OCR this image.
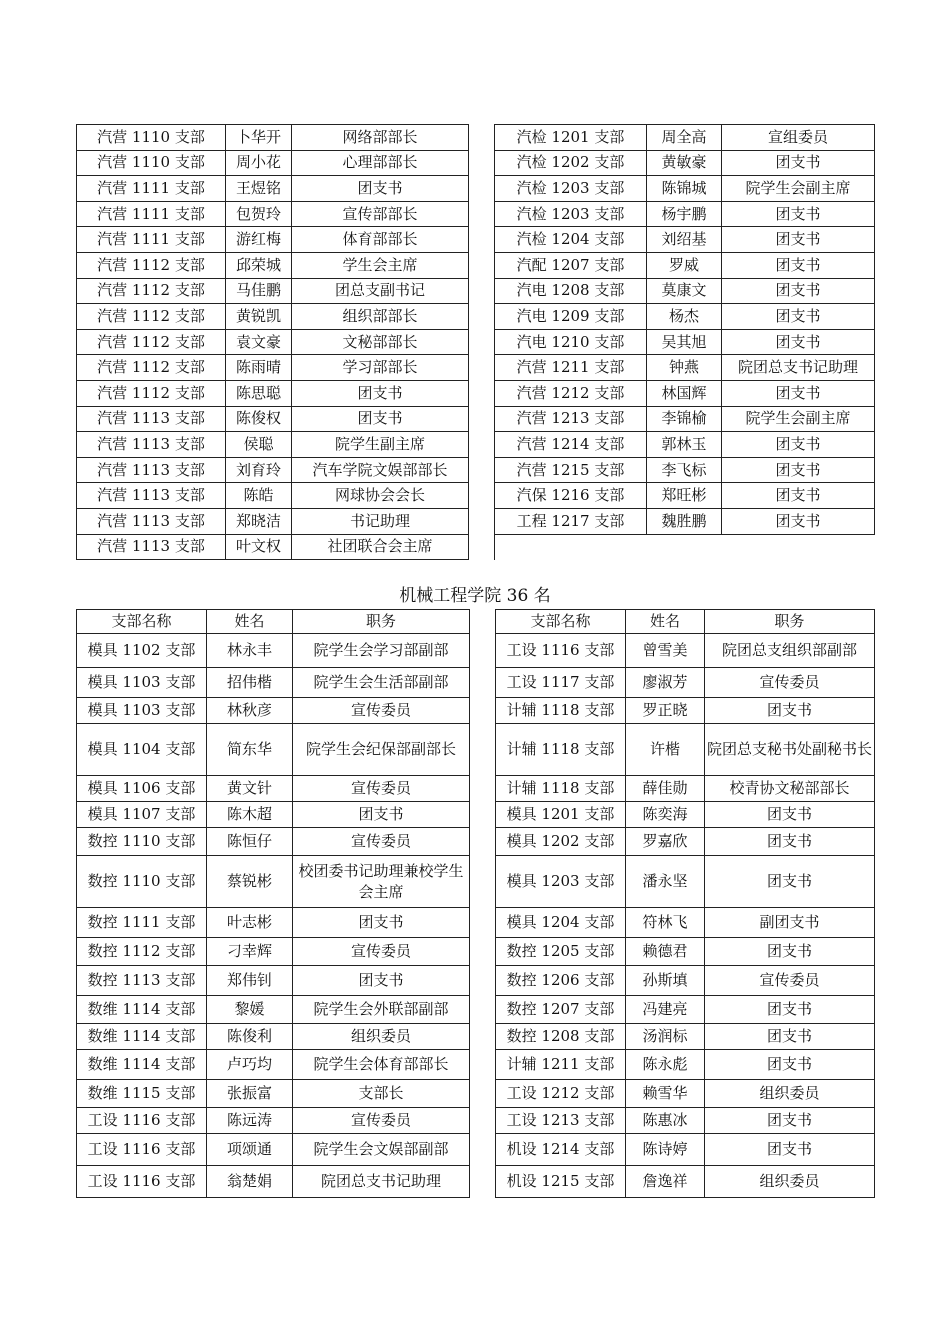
汽营 1110 支部	卜华开	网络部部长		汽检 1201 支部	周全高	宣组委员
汽营 1110 支部	周小花	心理部部长		汽检 1202 支部	黄敏豪	团支书
汽营 1111 支部	王煜铭	团支书		汽检 1203 支部	陈锦城	院学生会副主席
汽营 1111 支部	包贺玲	宣传部部长		汽检 1203 支部	杨宇鹏	团支书
汽营 1111 支部	游红梅	体育部部长		汽检 1204 支部	刘绍基	团支书
汽营 1112 支部	邱荣城	学生会主席		汽配 1207 支部	罗威	团支书
汽营 1112 支部	马佳鹏	团总支副书记		汽电 1208 支部	莫康文	团支书
汽营 1112 支部	黄锐凯	组织部部长		汽电 1209 支部	杨杰	团支书
汽营 1112 支部	袁文豪	文秘部部长		汽电 1210 支部	吴其旭	团支书
汽营 1112 支部	陈雨晴	学习部部长		汽营 1211 支部	钟燕	院团总支书记助理
汽营 1112 支部	陈思聪	团支书		汽营 1212 支部	林国辉	团支书
汽营 1113 支部	陈俊权	团支书		汽营 1213 支部	李锦榆	院学生会副主席
汽营 1113 支部	侯聪	院学生副主席		汽营 1214 支部	郭林玉	团支书
汽营 1113 支部	刘育玲	汽车学院文娱部部长		汽营 1215 支部	李飞标	团支书
汽营 1113 支部	陈皓	网球协会会长		汽保 1216 支部	郑旺彬	团支书
汽营 1113 支部	郑晓洁	书记助理		工程 1217 支部	魏胜鹏	团支书
汽营 1113 支部	叶文权	社团联合会主席				
机械工程学院 36 名
支部名称	姓名	职务		支部名称	姓名	职务
模具 1102 支部	林永丰	院学生会学习部副部		工设 1116 支部	曾雪美	院团总支组织部副部
模具 1103 支部	招伟楷	院学生会生活部副部		工设 1117 支部	廖淑芳	宣传委员
模具 1103 支部	林秋彦	宣传委员		计辅 1118 支部	罗正晓	团支书
模具 1104 支部	简东华	院学生会纪保部副部长		计辅 1118 支部	许楷	院团总支秘书处副秘书长
模具 1106 支部	黄文针	宣传委员		计辅 1118 支部	薛佳勋	校青协文秘部部长
模具 1107 支部	陈木超	团支书		模具 1201 支部	陈奕海	团支书
数控 1110 支部	陈恒仔	宣传委员		模具 1202 支部	罗嘉欣	团支书
数控 1110 支部	蔡锐彬	校团委书记助理兼校学生会主席		模具 1203 支部	潘永坚	团支书
数控 1111 支部	叶志彬	团支书		模具 1204 支部	符林飞	副团支书
数控 1112 支部	刁幸辉	宣传委员		数控 1205 支部	赖德君	团支书
数控 1113 支部	郑伟钊	团支书		数控 1206 支部	孙斯填	宣传委员
数维 1114 支部	黎媛	院学生会外联部副部		数控 1207 支部	冯建亮	团支书
数维 1114 支部	陈俊利	组织委员		数控 1208 支部	汤润标	团支书
数维 1114 支部	卢巧均	院学生会体育部部长		计辅 1211 支部	陈永彪	团支书
数维 1115 支部	张振富	支部长		工设 1212 支部	赖雪华	组织委员
工设 1116 支部	陈远涛	宣传委员		工设 1213 支部	陈惠冰	团支书
工设 1116 支部	项颂通	院学生会文娱部副部		机设 1214 支部	陈诗婷	团支书
工设 1116 支部	翁楚娟	院团总支书记助理		机设 1215 支部	詹逸祥	组织委员
